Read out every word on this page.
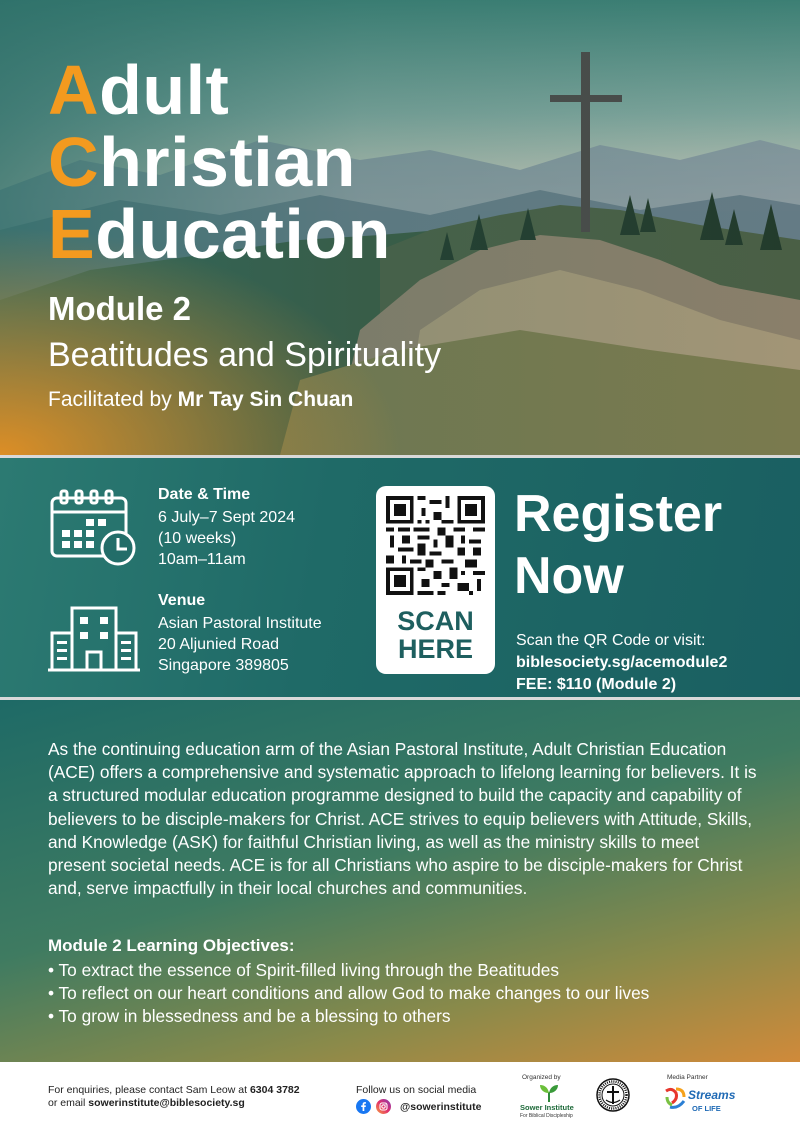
Adult
Christian
Education
Module 2
Beatitudes and Spirituality
Facilitated by Mr Tay Sin Chuan
Date & Time
6 July–7 Sept 2024
(10 weeks)
10am–11am
Venue
Asian Pastoral Institute
20 Aljunied Road
Singapore 389805
SCAN
HERE
Register
Now
Scan the QR Code or visit:
biblesociety.sg/acemodule2
FEE: $110 (Module 2)
As the continuing education arm of the Asian Pastoral Institute, Adult Christian Education (ACE) offers a comprehensive and systematic approach to lifelong learning for believers. It is a structured modular education programme designed to build the capacity and capability of believers to be disciple-makers for Christ. ACE strives to equip believers with Attitude, Skills, and Knowledge (ASK) for faithful Christian living, as well as the ministry skills to meet present societal needs. ACE is for all Christians who aspire to be disciple-makers for Christ and, serve impactfully in their local churches and communities.
Module 2 Learning Objectives:
• To extract the essence of Spirit-filled living through the Beatitudes
• To reflect on our heart conditions and allow God to make changes to our lives
• To grow in blessedness and be a blessing to others
For enquiries, please contact Sam Leow at 6304 3782
or email sowerinstitute@biblesociety.sg
Follow us on social media
@sowerinstitute
Organized by
Sower Institute
For Biblical Discipleship
Media Partner
Streams
OF LIFE
